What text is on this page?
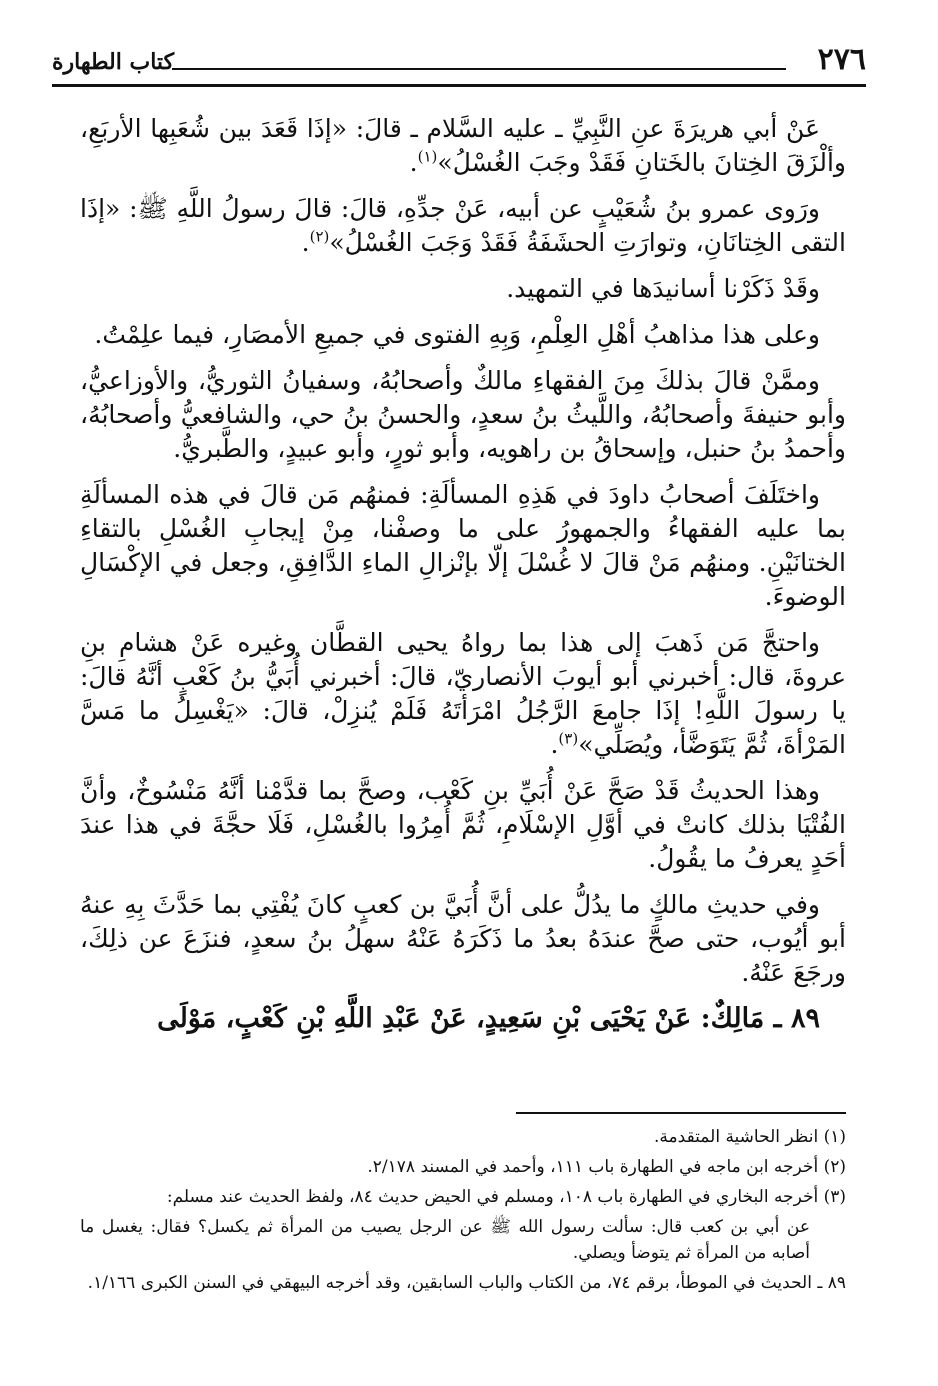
٢٧٦
كتاب الطهارة

عَنْ أبي هريرَةَ عنِ النَّبِيِّ ـ عليه السَّلام ـ قالَ: «إذَا قَعَدَ بين شُعَبِها الأربَعِ، وألْزَقَ الخِتانَ بالخَتانِ فَقَدْ وجَبَ الغُسْلُ»$^{(١)}$.

ورَوى عمرو بنُ شُعَيْبٍ عن أبيه، عَنْ جدِّهِ، قالَ: قالَ رسولُ اللَّهِ ﷺ: «إذَا التقى الخِتانَانِ، وتوارَتِ الحشَفَةُ فَقَدْ وَجَبَ الغُسْلُ»$^{(٢)}$.

وقَدْ ذَكَرْنا أسانيدَها في التمهيد.

وعلى هذا مذاهبُ أهْلِ العِلْمِ، وَبِهِ الفتوى في جميعِ الأمصَارِ، فيما علِمْتُ.

وممَّنْ قالَ بذلكَ مِنَ الفقهاءِ مالكٌ وأصحابُهُ، وسفيانُ الثوريُّ، والأوزاعيُّ، وأبو حنيفةَ وأصحابُهُ، واللَّيثُ بنُ سعدٍ، والحسنُ بنُ حي، والشافعيُّ وأصحابُهُ، وأحمدُ بنُ حنبل، وإسحاقُ بن راهويه، وأبو ثورٍ، وأبو عبيدٍ، والطَّبريُّ.

واختَلَفَ أصحابُ داودَ في هَذِهِ المسألَةِ: فمنهُم مَن قالَ في هذه المسألَةِ بما عليه الفقهاءُ والجمهورُ على ما وصفْنا، مِنْ إيجابِ الغُسْلِ بالتقاءِ الختانَيْنِ. ومنهُم مَنْ قالَ لا غُسْلَ إلّا بإنْزالِ الماءِ الدَّافِقِ، وجعل في الإكْسَالِ الوضوءَ.

واحتجَّ مَن ذَهبَ إلى هذا بما رواهُ يحيى القطَّان وغيره عَنْ هشامِ بنِ عروةَ، قال: أخبرني أبو أيوبَ الأنصاريّ، قالَ: أخبرني أُبَيُّ بنُ كَعْبٍ أنَّهُ قالَ: يا رسولَ اللَّهِ! إذَا جامعَ الرَّجُلُ امْرَأتَهُ فَلَمْ يُنزِلْ، قالَ: «يَغْسِلُ ما مَسَّ المَرْأةَ، ثُمَّ يَتَوَضَّأ، ويُصَلِّي»$^{(٣)}$.

وهذا الحديثُ قَدْ صَحَّ عَنْ أُبَيِّ بنِ كَعْب، وصحَّ بما قدَّمْنا أنَّهُ مَنْسُوخٌ، وأنَّ الفُتْيَا بذلك كانتْ في أوَّلِ الإسْلَامِ، ثُمَّ أُمِرُوا بالغُسْلِ، فَلَا حجَّةَ في هذا عندَ أحَدٍ يعرفُ ما يقُولُ.

وفي حديثِ مالكٍ ما يدُلُّ على أنَّ أُبَيَّ بن كعبٍ كانَ يُفْتِي بما حَدَّثَ بِهِ عنهُ أبو أيُوب، حتى صحَّ عندَهُ بعدُ ما ذَكَرَهُ عَنْهُ سهلُ بنُ سعدٍ، فنزَعَ عن ذلِكَ، ورجَعَ عَنْهُ.

٨٩ ـ مَالِكٌ: عَنْ يَحْيَى بْنِ سَعِيدٍ، عَنْ عَبْدِ اللَّهِ بْنِ كَعْبٍ، مَوْلَى

(١) انظر الحاشية المتقدمة.

(٢) أخرجه ابن ماجه في الطهارة باب ١١١، وأحمد في المسند ٢/١٧٨.

(٣) أخرجه البخاري في الطهارة باب ١٠٨، ومسلم في الحيض حديث ٨٤، ولفظ الحديث عند مسلم:

عن أبي بن كعب قال: سألت رسول الله ﷺ عن الرجل يصيب من المرأة ثم يكسل؟ فقال: يغسل ما أصابه من المرأة ثم يتوضأ ويصلي.

٨٩ ـ الحديث في الموطأ، برقم ٧٤، من الكتاب والباب السابقين، وقد أخرجه البيهقي في السنن الكبرى ١/١٦٦.
